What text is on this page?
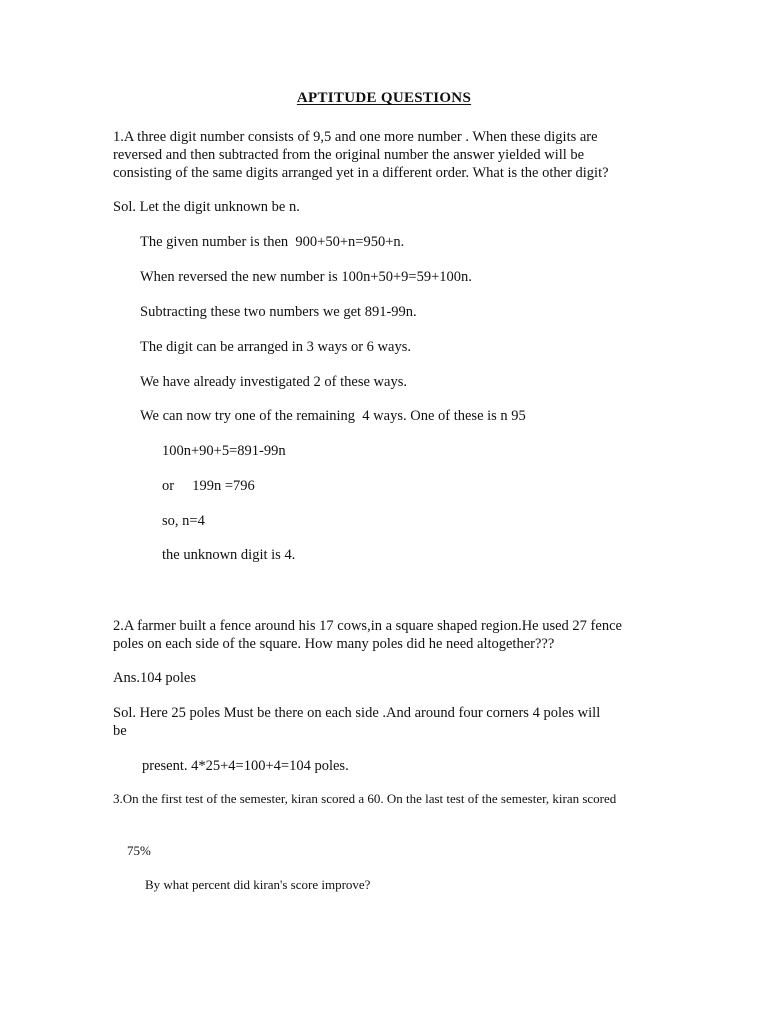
APTITUDE QUESTIONS
1.A three digit number consists of 9,5 and one more number . When these digits are
reversed and then subtracted from the original number the answer yielded will be
consisting of the same digits arranged yet in a different order. What is the other digit?
Sol. Let the digit unknown be n.
The given number is then  900+50+n=950+n.
When reversed the new number is 100n+50+9=59+100n.
Subtracting these two numbers we get 891-99n.
The digit can be arranged in 3 ways or 6 ways.
We have already investigated 2 of these ways.
We can now try one of the remaining  4 ways. One of these is n 95
100n+90+5=891-99n
or     199n =796
so, n=4
the unknown digit is 4.
2.A farmer built a fence around his 17 cows,in a square shaped region.He used 27 fence
poles on each side of the square. How many poles did he need altogether???
Ans.104 poles
Sol. Here 25 poles Must be there on each side .And around four corners 4 poles will
be
present. 4*25+4=100+4=104 poles.
3.On the first test of the semester, kiran scored a 60. On the last test of the semester, kiran scored
75%
By what percent did kiran's score improve?
